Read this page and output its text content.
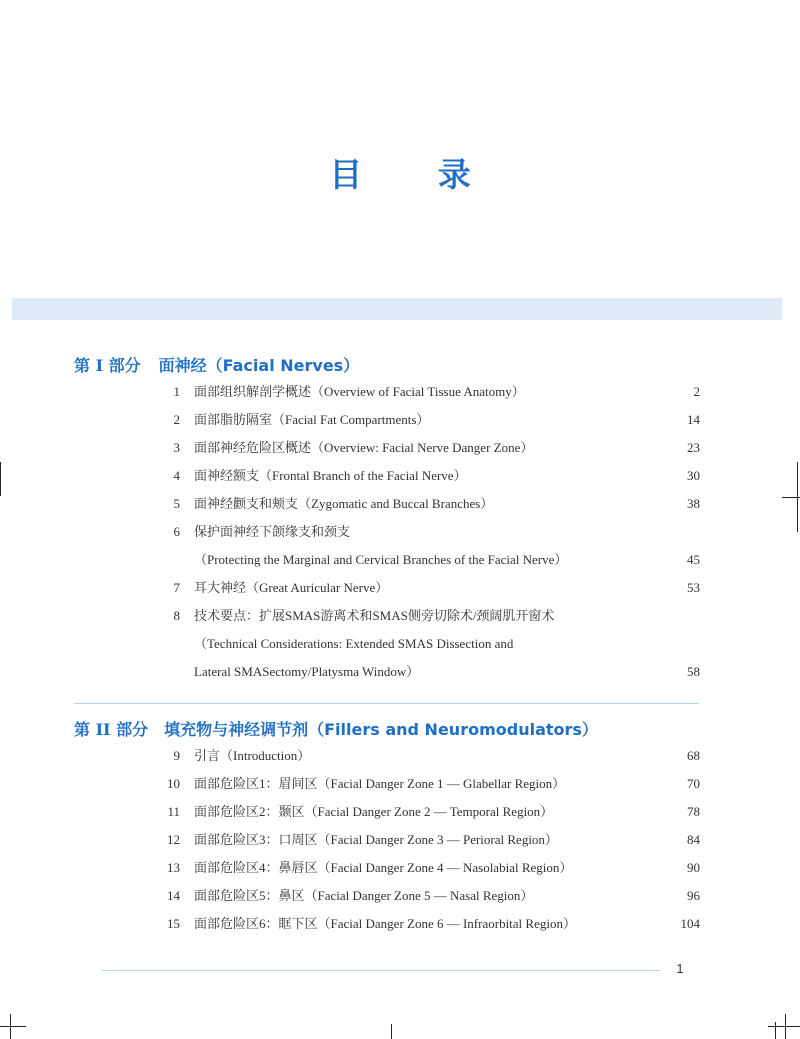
目 录
第 I 部分 面神经（Facial Nerves）
1 面部组织解剖学概述（Overview of Facial Tissue Anatomy）	2
2 面部脂肪隔室（Facial Fat Compartments）	14
3 面部神经危险区概述（Overview: Facial Nerve Danger Zone）	23
4 面神经额支（Frontal Branch of the Facial Nerve）	30
5 面神经颧支和颊支（Zygomatic and Buccal Branches）	38
6 保护面神经下颌缘支和颈支
（Protecting the Marginal and Cervical Branches of the Facial Nerve）	45
7 耳大神经（Great Auricular Nerve）	53
8 技术要点：扩展SMAS游离术和SMAS侧旁切除术/颈阔肌开窗术
（Technical Considerations: Extended SMAS Dissection and
Lateral SMASectomy/Platysma Window）	58
第 II 部分 填充物与神经调节剂（Fillers and Neuromodulators）
9 引言（Introduction）	68
10 面部危险区1：眉间区（Facial Danger Zone 1 — Glabellar Region）	70
11 面部危险区2：颞区（Facial Danger Zone 2 — Temporal Region）	78
12 面部危险区3：口周区（Facial Danger Zone 3 — Perioral Region）	84
13 面部危险区4：鼻唇区（Facial Danger Zone 4 — Nasolabial Region）	90
14 面部危险区5：鼻区（Facial Danger Zone 5 — Nasal Region）	96
15 面部危险区6：眶下区（Facial Danger Zone 6 — Infraorbital Region）	104
1
